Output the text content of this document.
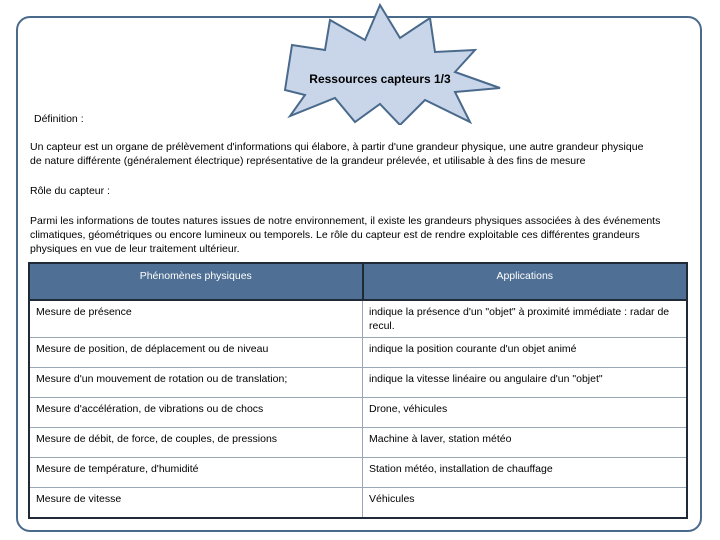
Ressources capteurs 1/3
Définition :
Un capteur est un organe de prélèvement d'informations qui élabore, à partir d'une grandeur physique, une autre grandeur physique
de nature différente (généralement électrique) représentative de la grandeur prélevée, et utilisable à des fins de mesure
Rôle du capteur :
Parmi les informations de toutes natures issues de notre environnement, il existe les grandeurs physiques associées à des événements
climatiques, géométriques ou encore lumineux ou temporels. Le rôle du capteur est de rendre exploitable ces différentes grandeurs
physiques en vue de leur traitement ultérieur.
Phénomènes physiques	Applications
Mesure de présence	indique la présence d'un "objet" à proximité immédiate : radar de recul.
Mesure de position, de déplacement ou de niveau	indique la position courante d'un objet animé
Mesure d'un mouvement de rotation ou de translation;	indique la vitesse linéaire ou angulaire d'un "objet"
Mesure d'accélération, de vibrations ou de chocs	Drone, véhicules
Mesure de débit, de force, de couples, de pressions	Machine à laver, station météo
Mesure de température, d'humidité	Station météo, installation de chauffage
Mesure de vitesse	Véhicules
